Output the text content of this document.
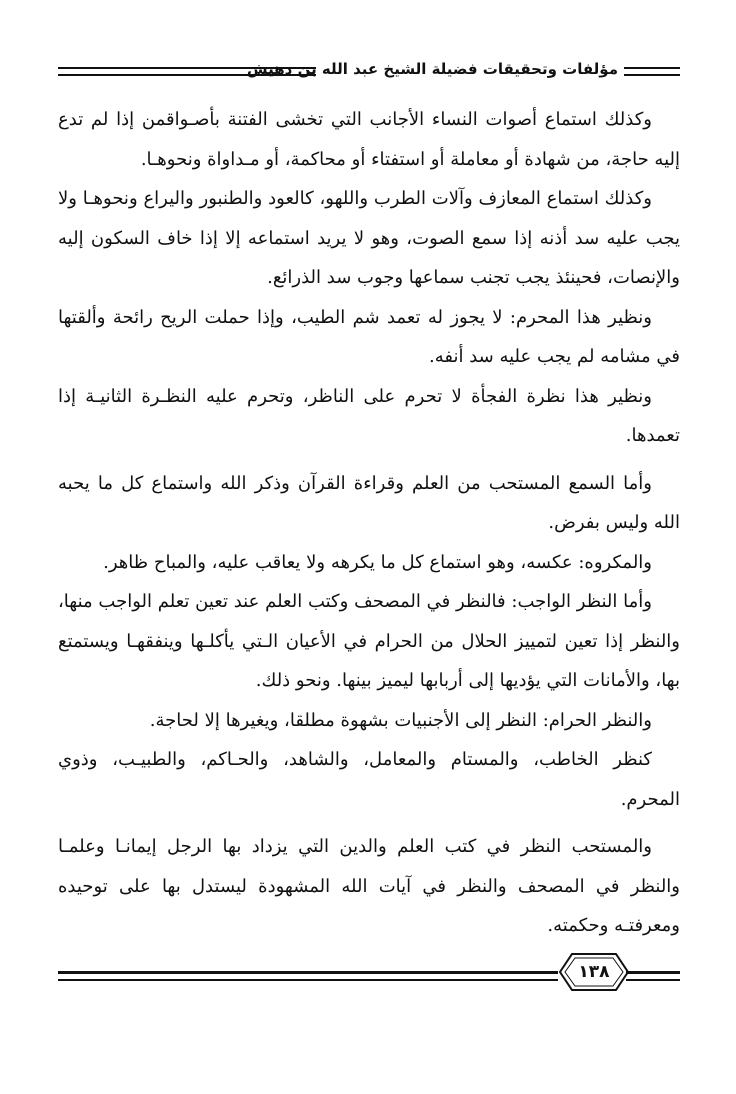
مؤلفات وتحقيقات فضيلة الشيخ عبد الله بن دهيش

وكذلك استماع أصوات النساء الأجانب التي تخشى الفتنة بأصـواقمن إذا لم تدع إليه حاجة، من شهادة أو معاملة أو استفتاء أو محاكمة، أو مـداواة ونحوهـا.

وكذلك استماع المعازف وآلات الطرب واللهو، كالعود والطنبور واليراع ونحوهـا ولا يجب عليه سد أذنه إذا سمع الصوت، وهو لا يريد استماعه إلا إذا خاف السكون إليه والإنصات، فحينئذ يجب تجنب سماعها وجوب سد الذرائع.

ونظير هذا المحرم: لا يجوز له تعمد شم الطيب، وإذا حملت الريح رائحة وألقتها في مشامه لم يجب عليه سد أنفه.

ونظير هذا نظرة الفجأة لا تحرم على الناظر، وتحرم عليه النظـرة الثانيـة إذا تعمدها.

وأما السمع المستحب من العلم وقراءة القرآن وذكر الله واستماع كل ما يحبه الله وليس بفرض.

والمكروه: عكسه، وهو استماع كل ما يكرهه ولا يعاقب عليه، والمباح ظاهر.

وأما النظر الواجب: فالنظر في المصحف وكتب العلم عند تعين تعلم الواجب منها، والنظر إذا تعين لتمييز الحلال من الحرام في الأعيان الـتي يأكلـها وينفقهـا ويستمتع بها، والأمانات التي يؤديها إلى أربابها ليميز بينها. ونحو ذلك.

والنظر الحرام: النظر إلى الأجنبيات بشهوة مطلقا، ويغيرها إلا لحاجة.

كنظر الخاطب، والمستام والمعامل، والشاهد، والحـاكم، والطبيـب، وذوي المحرم.

والمستحب النظر في كتب العلم والدين التي يزداد بها الرجل إيمانـا وعلمـا والنظر في المصحف والنظر في آيات الله المشهودة ليستدل بها على توحيده ومعرفتـه وحكمته.

١٣٨
